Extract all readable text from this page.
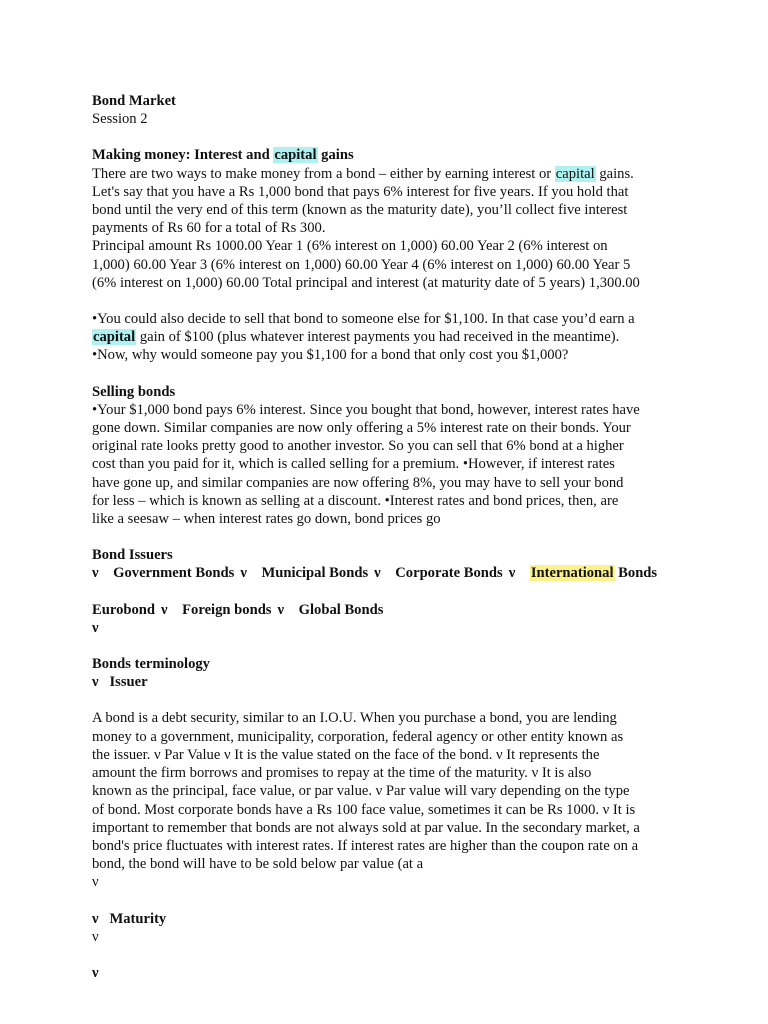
Bond Market
Session 2
Making money: Interest and capital gains
There are two ways to make money from a bond – either by earning interest or capital gains.
Let's say that you have a Rs 1,000 bond that pays 6% interest for five years. If you hold that
bond until the very end of this term (known as the maturity date), you’ll collect five interest
payments of Rs 60 for a total of Rs 300.
Principal amount Rs 1000.00 Year 1 (6% interest on 1,000) 60.00 Year 2 (6% interest on
1,000) 60.00 Year 3 (6% interest on 1,000) 60.00 Year 4 (6% interest on 1,000) 60.00 Year 5
(6% interest on 1,000) 60.00 Total principal and interest (at maturity date of 5 years) 1,300.00
•You could also decide to sell that bond to someone else for $1,100. In that case you’d earn a
capital gain of $100 (plus whatever interest payments you had received in the meantime).
•Now, why would someone pay you $1,100 for a bond that only cost you $1,000?
Selling bonds
•Your $1,000 bond pays 6% interest. Since you bought that bond, however, interest rates have
gone down. Similar companies are now only offering a 5% interest rate on their bonds. Your
original rate looks pretty good to another investor. So you can sell that 6% bond at a higher
cost than you paid for it, which is called selling for a premium. •However, if interest rates
have gone up, and similar companies are now offering 8%, you may have to sell your bond
for less – which is known as selling at a discount. •Interest rates and bond prices, then, are
like a seesaw – when interest rates go down, bond prices go
Bond Issuers
ν Government Bonds ν Municipal Bonds ν Corporate Bonds ν International Bonds
Eurobond ν Foreign bonds ν Global Bonds
ν
Bonds terminology
ν Issuer
A bond is a debt security, similar to an I.O.U. When you purchase a bond, you are lending
money to a government, municipality, corporation, federal agency or other entity known as
the issuer. ν Par Value ν It is the value stated on the face of the bond. ν It represents the
amount the firm borrows and promises to repay at the time of the maturity. ν It is also
known as the principal, face value, or par value. ν Par value will vary depending on the type
of bond. Most corporate bonds have a Rs 100 face value, sometimes it can be Rs 1000. ν It is
important to remember that bonds are not always sold at par value. In the secondary market, a
bond's price fluctuates with interest rates. If interest rates are higher than the coupon rate on a
bond, the bond will have to be sold below par value (at a
ν
ν Maturity
ν
ν
